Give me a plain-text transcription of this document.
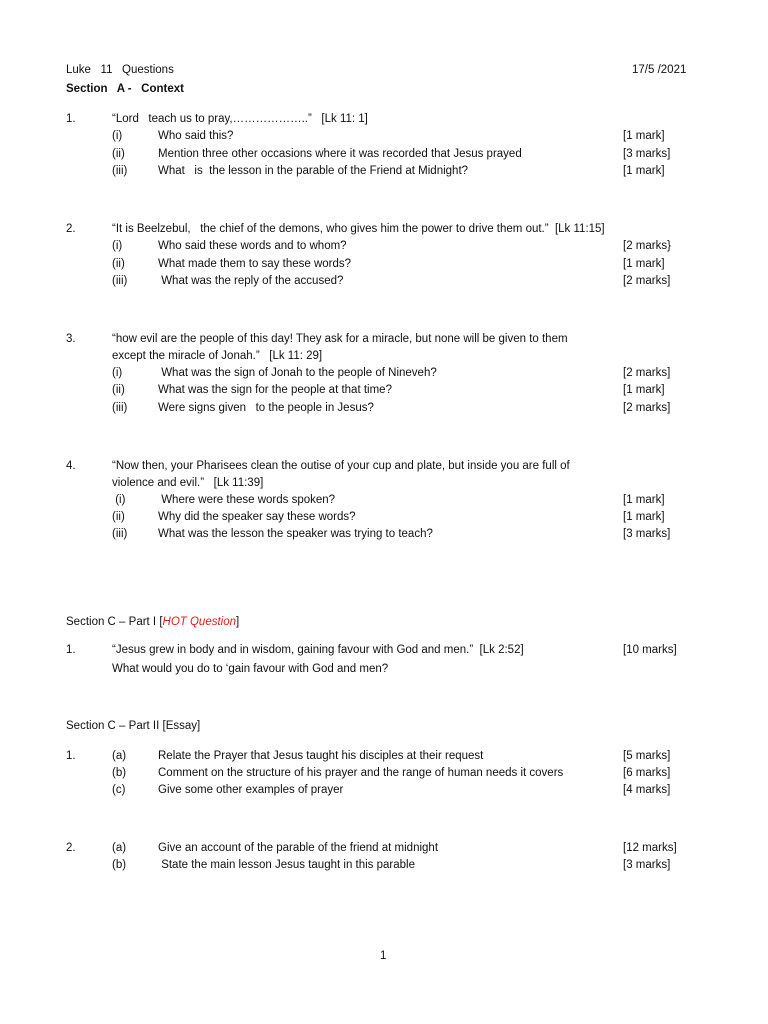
Luke   11   Questions	17/5 /2021
Section   A -   Context
1.	“Lord   teach us to pray,………………..”   [Lk 11: 1]
(i)	Who said this?	[1 mark]
(ii)	Mention three other occasions where it was recorded that Jesus prayed	[3 marks]
(iii)	What   is  the lesson in the parable of the Friend at Midnight?	[1 mark]
2.	“It is Beelzebul,   the chief of the demons, who gives him the power to drive them out.”  [Lk 11:15]
(i)	Who said these words and to whom?	[2 marks}
(ii)	What made them to say these words?	[1 mark]
(iii)	What was the reply of the accused?	[2 marks]
3.	“how evil are the people of this day! They ask for a miracle, but none will be given to them
except the miracle of Jonah.”   [Lk 11: 29]
(i)	What was the sign of Jonah to the people of Nineveh?	[2 marks]
(ii)	What was the sign for the people at that time?	[1 mark]
(iii)	Were signs given   to the people in Jesus?	[2 marks]
4.	“Now then, your Pharisees clean the outise of your cup and plate, but inside you are full of
violence and evil.”   [Lk 11:39]
(i)	Where were these words spoken?	[1 mark]
(ii)	Why did the speaker say these words?	[1 mark]
(iii)	What was the lesson the speaker was trying to teach?	[3 marks]
Section C – Part I [HOT Question]
1.	“Jesus grew in body and in wisdom, gaining favour with God and men.”  [Lk 2:52]	[10 marks]
What would you do to ‘gain favour with God and men?
Section C – Part II [Essay]
1.	(a)	Relate the Prayer that Jesus taught his disciples at their request	[5 marks]
(b)	Comment on the structure of his prayer and the range of human needs it covers	[6 marks]
(c)	Give some other examples of prayer	[4 marks]
2.	(a)	Give an account of the parable of the friend at midnight	[12 marks]
(b)	State the main lesson Jesus taught in this parable	[3 marks]
1
